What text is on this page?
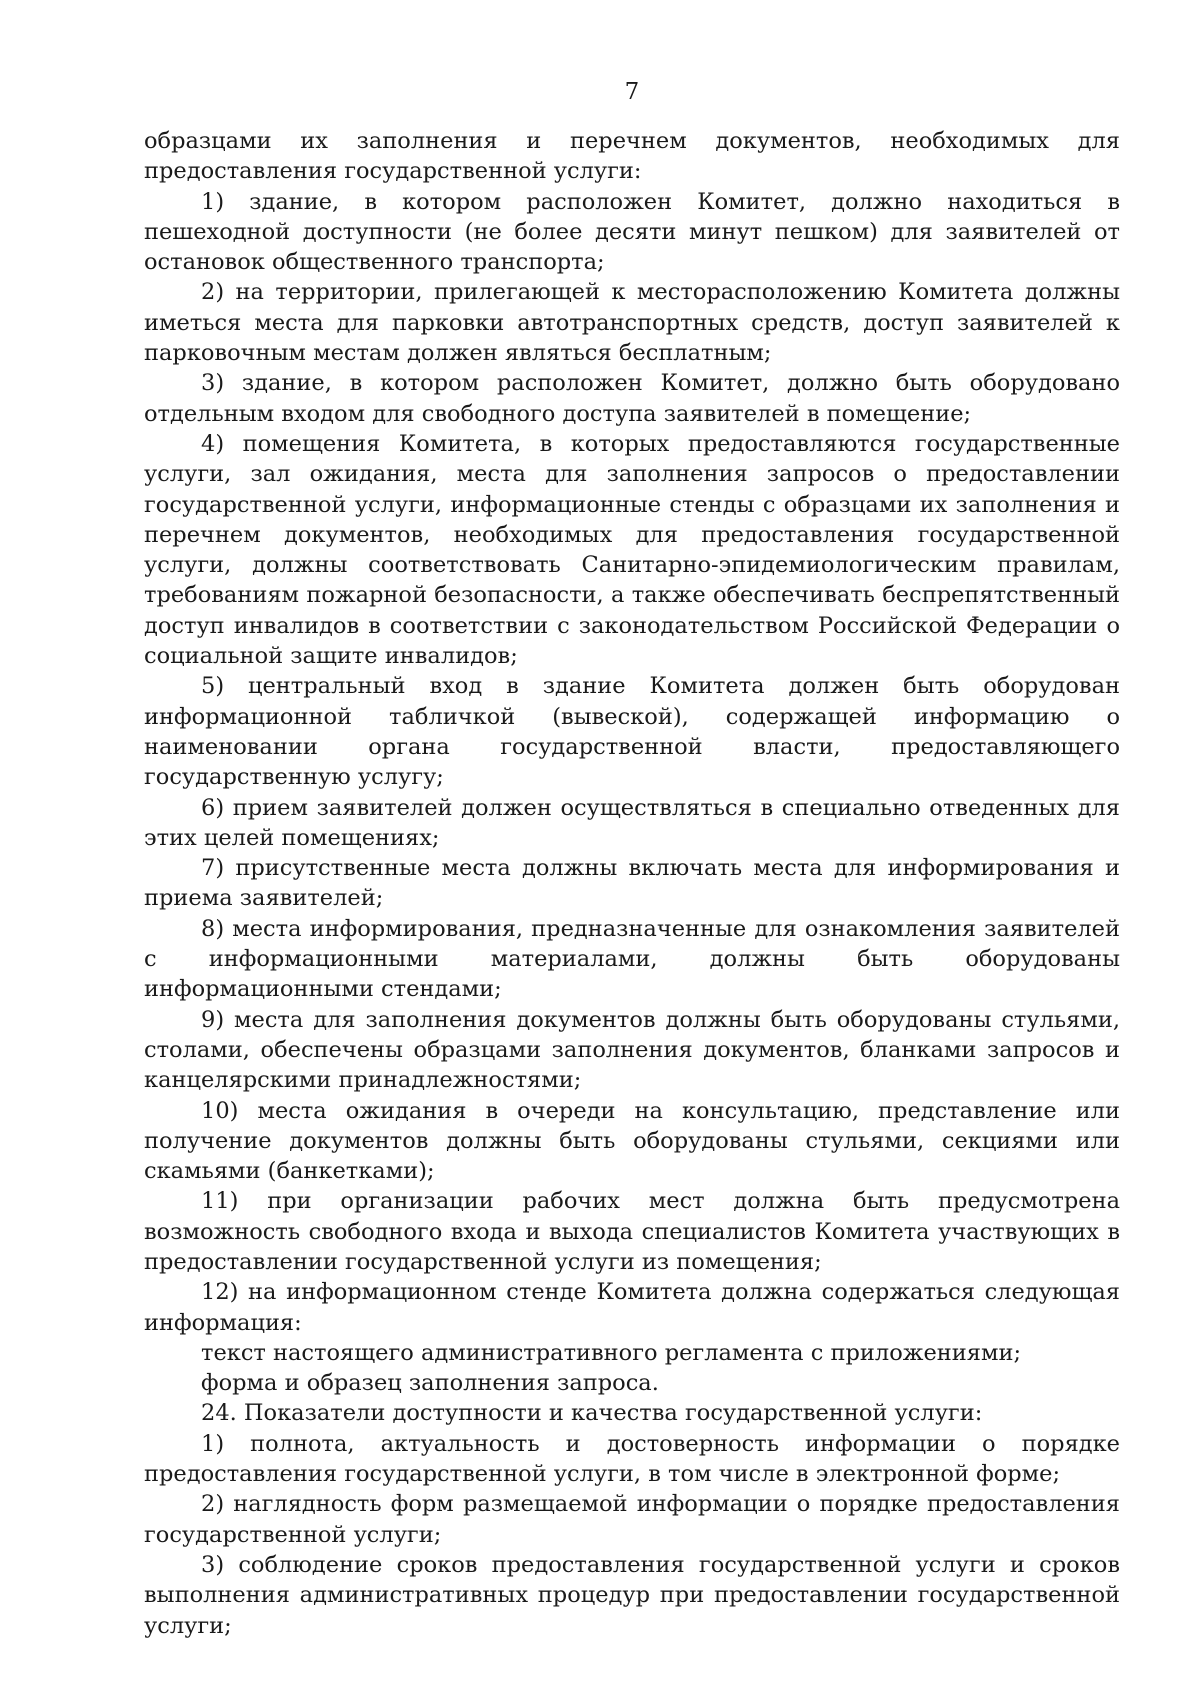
7

образцами их заполнения и перечнем документов, необходимых для предоставления государственной услуги:

1) здание, в котором расположен Комитет, должно находиться в пешеходной доступности (не более десяти минут пешком) для заявителей от остановок общественного транспорта;

2) на территории, прилегающей к месторасположению Комитета должны иметься места для парковки автотранспортных средств, доступ заявителей к парковочным местам должен являться бесплатным;

3) здание, в котором расположен Комитет, должно быть оборудовано отдельным входом для свободного доступа заявителей в помещение;

4) помещения Комитета, в которых предоставляются государственные услуги, зал ожидания, места для заполнения запросов о предоставлении государственной услуги, информационные стенды с образцами их заполнения и перечнем документов, необходимых для предоставления государственной услуги, должны соответствовать Санитарно-эпидемиологическим правилам, требованиям пожарной безопасности, а также обеспечивать беспрепятственный доступ инвалидов в соответствии с законодательством Российской Федерации о социальной защите инвалидов;

5) центральный вход в здание Комитета должен быть оборудован информационной табличкой (вывеской), содержащей информацию о наименовании органа государственной власти, предоставляющего государственную услугу;

6) прием заявителей должен осуществляться в специально отведенных для этих целей помещениях;

7) присутственные места должны включать места для информирования и приема заявителей;

8) места информирования, предназначенные для ознакомления заявителей с информационными материалами, должны быть оборудованы информационными стендами;

9) места для заполнения документов должны быть оборудованы стульями, столами, обеспечены образцами заполнения документов, бланками запросов и канцелярскими принадлежностями;

10) места ожидания в очереди на консультацию, представление или получение документов должны быть оборудованы стульями, секциями или скамьями (банкетками);

11) при организации рабочих мест должна быть предусмотрена возможность свободного входа и выхода специалистов Комитета участвующих в предоставлении государственной услуги из помещения;

12) на информационном стенде Комитета должна содержаться следующая информация:

текст настоящего административного регламента с приложениями;

форма и образец заполнения запроса.

24. Показатели доступности и качества государственной услуги:

1) полнота, актуальность и достоверность информации о порядке предоставления государственной услуги, в том числе в электронной форме;

2) наглядность форм размещаемой информации о порядке предоставления государственной услуги;

3) соблюдение сроков предоставления государственной услуги и сроков выполнения административных процедур при предоставлении государственной услуги;
